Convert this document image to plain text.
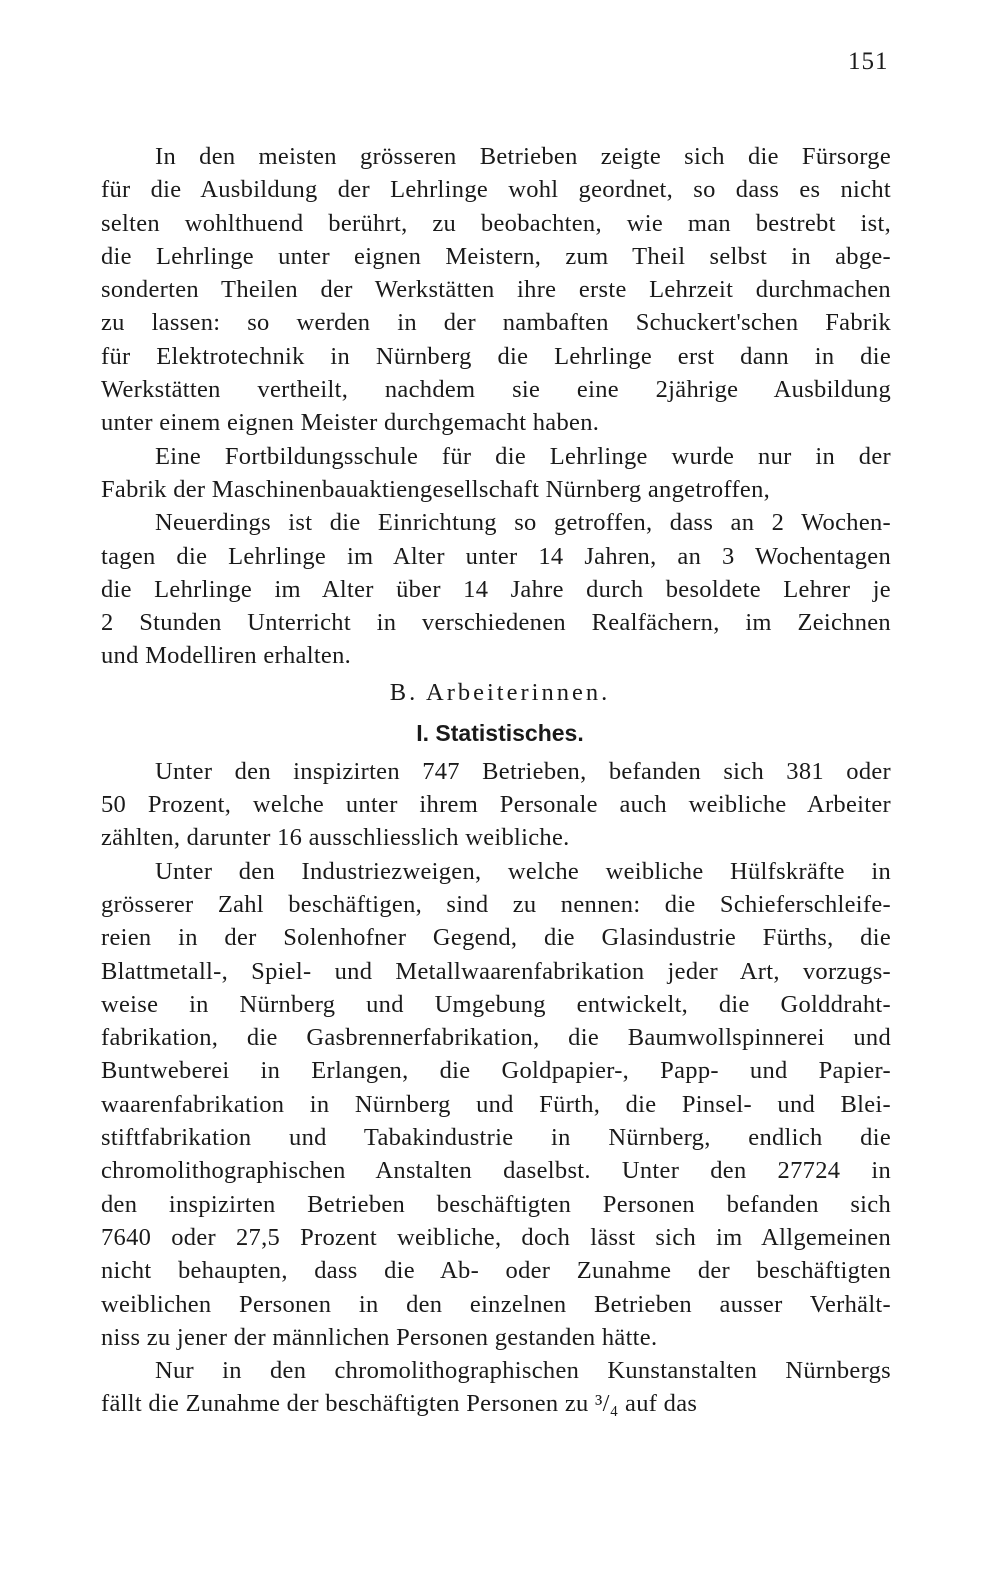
151
In den meisten grösseren Betrieben zeigte sich die Fürsorge
für die Ausbildung der Lehrlinge wohl geordnet, so dass es nicht
selten wohlthuend berührt, zu beobachten, wie man bestrebt ist,
die Lehrlinge unter eignen Meistern, zum Theil selbst in abge-
sonderten Theilen der Werkstätten ihre erste Lehrzeit durchmachen
zu lassen: so werden in der nambaften Schuckert'schen Fabrik
für Elektrotechnik in Nürnberg die Lehrlinge erst dann in die
Werkstätten vertheilt, nachdem sie eine 2jährige Ausbildung
unter einem eignen Meister durchgemacht haben.
Eine Fortbildungsschule für die Lehrlinge wurde nur in der
Fabrik der Maschinenbauaktiengesellschaft Nürnberg angetroffen,
Neuerdings ist die Einrichtung so getroffen, dass an 2 Wochen-
tagen die Lehrlinge im Alter unter 14 Jahren, an 3 Wochentagen
die Lehrlinge im Alter über 14 Jahre durch besoldete Lehrer je
2 Stunden Unterricht in verschiedenen Realfächern, im Zeichnen
und Modelliren erhalten.
B. Arbeiterinnen.
I. Statistisches.
Unter den inspizirten 747 Betrieben, befanden sich 381 oder
50 Prozent, welche unter ihrem Personale auch weibliche Arbeiter
zählten, darunter 16 ausschliesslich weibliche.
Unter den Industriezweigen, welche weibliche Hülfskräfte in
grösserer Zahl beschäftigen, sind zu nennen: die Schieferschleife-
reien in der Solenhofner Gegend, die Glasindustrie Fürths, die
Blattmetall-, Spiel- und Metallwaarenfabrikation jeder Art, vorzugs-
weise in Nürnberg und Umgebung entwickelt, die Golddraht-
fabrikation, die Gasbrennerfabrikation, die Baumwollspinnerei und
Buntweberei in Erlangen, die Goldpapier-, Papp- und Papier-
waarenfabrikation in Nürnberg und Fürth, die Pinsel- und Blei-
stiftfabrikation und Tabakindustrie in Nürnberg, endlich die
chromolithographischen Anstalten daselbst. Unter den 27724 in
den inspizirten Betrieben beschäftigten Personen befanden sich
7640 oder 27,5 Prozent weibliche, doch lässt sich im Allgemeinen
nicht behaupten, dass die Ab- oder Zunahme der beschäftigten
weiblichen Personen in den einzelnen Betrieben ausser Verhält-
niss zu jener der männlichen Personen gestanden hätte.
Nur in den chromolithographischen Kunstanstalten Nürnbergs
fällt die Zunahme der beschäftigten Personen zu ³/₄ auf das
